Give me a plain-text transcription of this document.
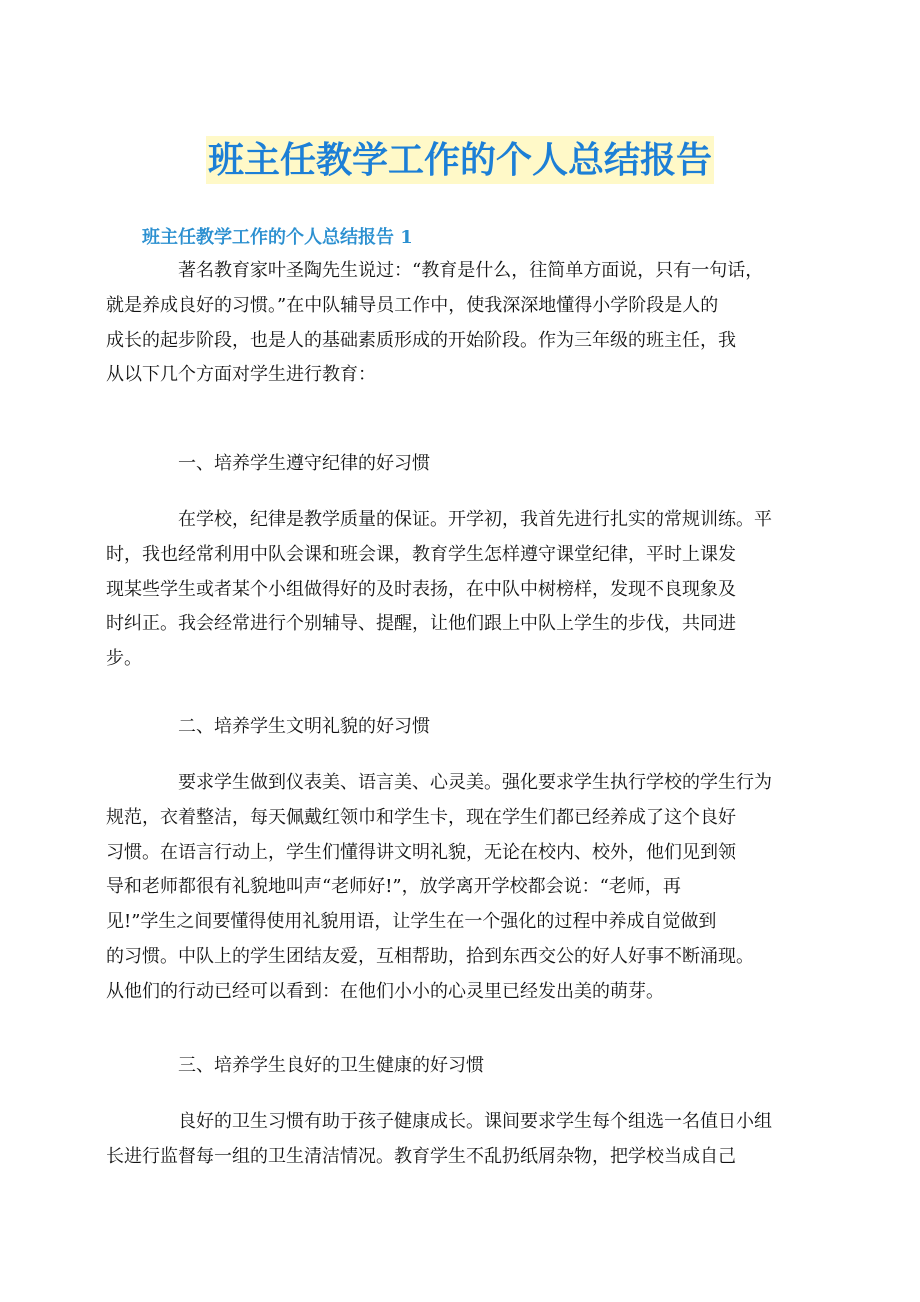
班主任教学工作的个人总结报告
班主任教学工作的个人总结报告 1
著名教育家叶圣陶先生说过：“教育是什么，往简单方面说，只有一句话，
就是养成良好的习惯。”在中队辅导员工作中，使我深深地懂得小学阶段是人的
成长的起步阶段，也是人的基础素质形成的开始阶段。作为三年级的班主任，我
从以下几个方面对学生进行教育：
一、培养学生遵守纪律的好习惯
在学校，纪律是教学质量的保证。开学初，我首先进行扎实的常规训练。平
时，我也经常利用中队会课和班会课，教育学生怎样遵守课堂纪律，平时上课发
现某些学生或者某个小组做得好的及时表扬，在中队中树榜样，发现不良现象及
时纠正。我会经常进行个别辅导、提醒，让他们跟上中队上学生的步伐，共同进
步。
二、培养学生文明礼貌的好习惯
要求学生做到仪表美、语言美、心灵美。强化要求学生执行学校的学生行为
规范，衣着整洁，每天佩戴红领巾和学生卡，现在学生们都已经养成了这个良好
习惯。在语言行动上，学生们懂得讲文明礼貌，无论在校内、校外，他们见到领
导和老师都很有礼貌地叫声“老师好!”，放学离开学校都会说：“老师，再
见!”学生之间要懂得使用礼貌用语，让学生在一个强化的过程中养成自觉做到
的习惯。中队上的学生团结友爱，互相帮助，拾到东西交公的好人好事不断涌现。
从他们的行动已经可以看到：在他们小小的心灵里已经发出美的萌芽。
三、培养学生良好的卫生健康的好习惯
良好的卫生习惯有助于孩子健康成长。课间要求学生每个组选一名值日小组
长进行监督每一组的卫生清洁情况。教育学生不乱扔纸屑杂物，把学校当成自己
